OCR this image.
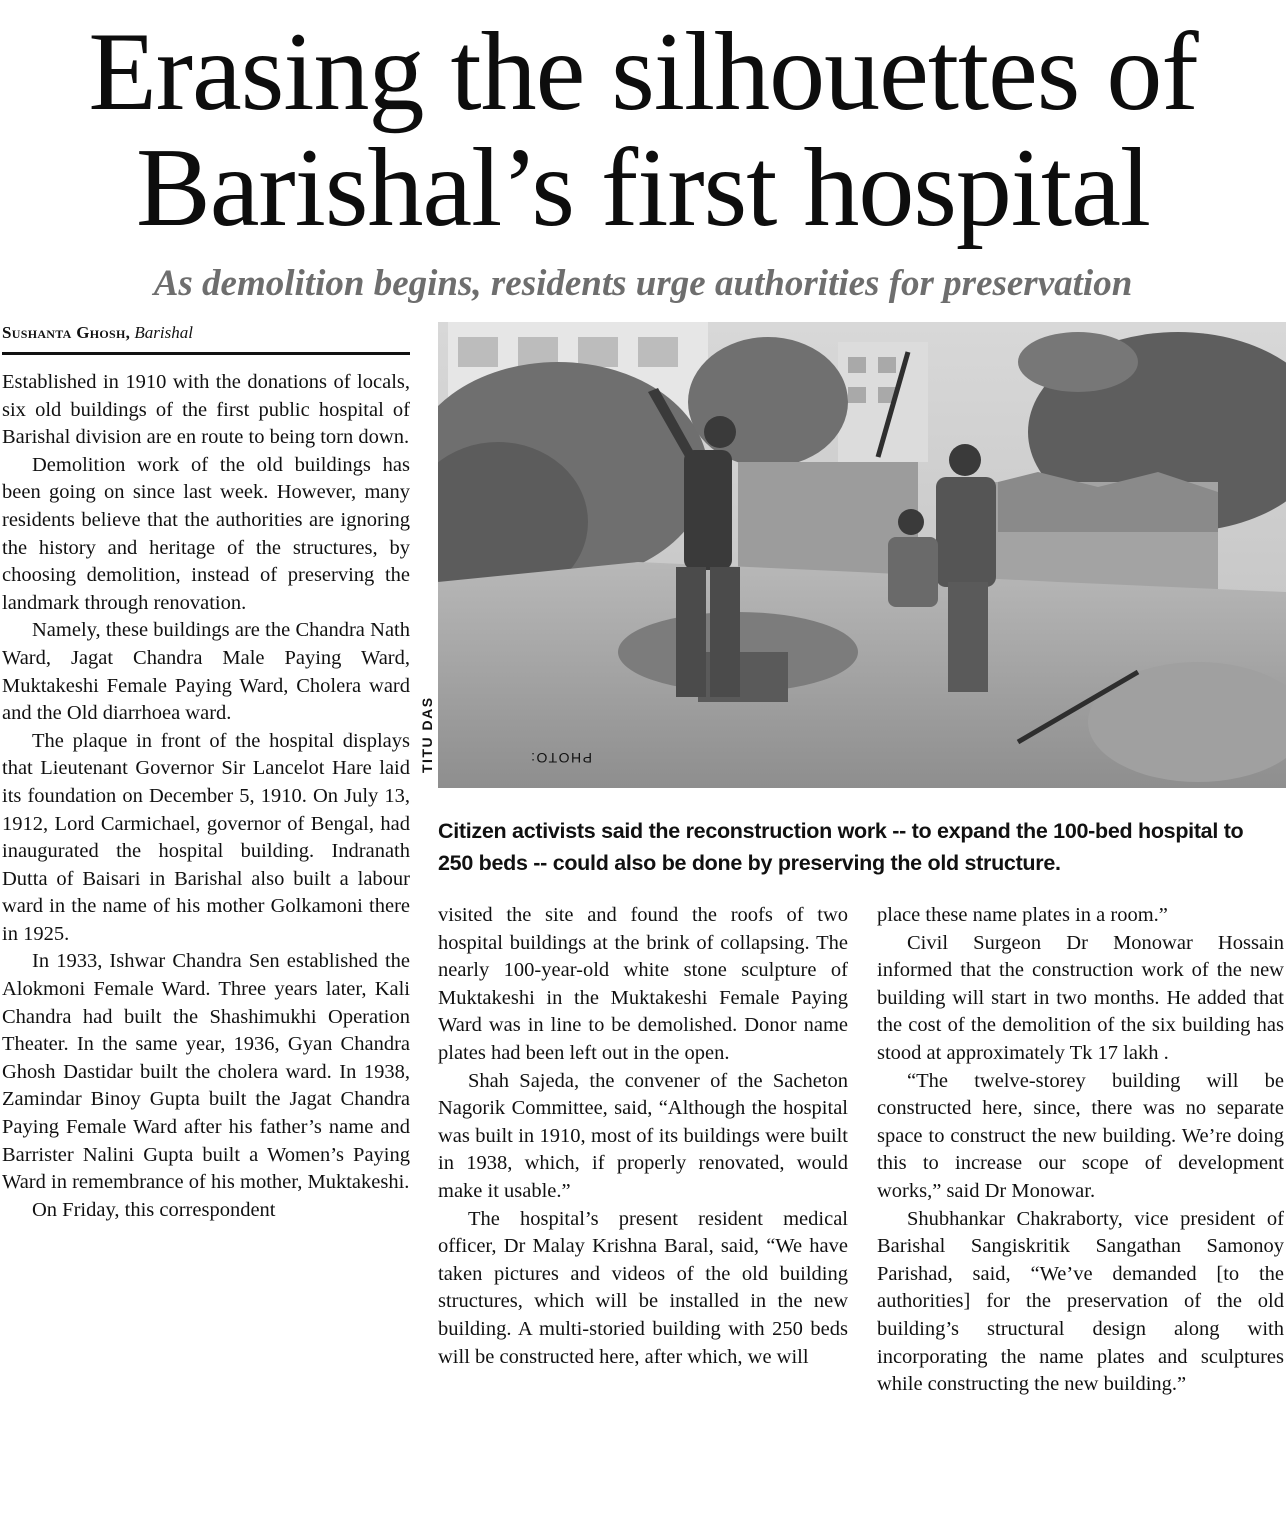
Erasing the silhouettes of
Barishal’s first hospital

As demolition begins, residents urge authorities for preservation

Sushanta Ghosh, Barishal
PHOTO:
TITU DAS
Citizen activists said the reconstruction work -- to expand the 100-bed hospital to 250 beds -- could also be done by preserving the old structure.

Established in 1910 with the donations of locals, six old buildings of the first public hospital of Barishal division are en route to being torn down.

Demolition work of the old buildings has been going on since last week. However, many residents believe that the authorities are ignoring the history and heritage of the structures, by choosing demolition, instead of preserving the landmark through renovation.

Namely, these buildings are the Chandra Nath Ward, Jagat Chandra Male Paying Ward, Muktakeshi Female Paying Ward, Cholera ward and the Old diarrhoea ward.

The plaque in front of the hospital displays that Lieutenant Governor Sir Lancelot Hare laid its foundation on December 5, 1910. On July 13, 1912, Lord Carmichael, governor of Bengal, had inaugurated the hospital building. Indranath Dutta of Baisari in Barishal also built a labour ward in the name of his mother Golkamoni there in 1925.

In 1933, Ishwar Chandra Sen established the Alokmoni Female Ward. Three years later, Kali Chandra had built the Shashimukhi Operation Theater. In the same year, 1936, Gyan Chandra Ghosh Dastidar built the cholera ward. In 1938, Zamindar Binoy Gupta built the Jagat Chandra Paying Female Ward after his father’s name and Barrister Nalini Gupta built a Women’s Paying Ward in remembrance of his mother, Muktakeshi.

On Friday, this correspondent

visited the site and found the roofs of two hospital buildings at the brink of collapsing. The nearly 100-year-old white stone sculpture of Muktakeshi in the Muktakeshi Female Paying Ward was in line to be demolished. Donor name plates had been left out in the open.

Shah Sajeda, the convener of the Sacheton Nagorik Committee, said, “Although the hospital was built in 1910, most of its buildings were built in 1938, which, if properly renovated, would make it usable.”

The hospital’s present resident medical officer, Dr Malay Krishna Baral, said, “We have taken pictures and videos of the old building structures, which will be installed in the new building. A multi-storied building with 250 beds will be constructed here, after which, we will

place these name plates in a room.”

Civil Surgeon Dr Monowar Hossain informed that the construction work of the new building will start in two months. He added that the cost of the demolition of the six building has stood at approximately Tk 17 lakh .

“The twelve-storey building will be constructed here, since, there was no separate space to construct the new building. We’re doing this to increase our scope of development works,” said Dr Monowar.

Shubhankar Chakraborty, vice president of Barishal Sangiskritik Sangathan Samonoy Parishad, said, “We’ve demanded [to the authorities] for the preservation of the old building’s structural design along with incorporating the name plates and sculptures while constructing the new building.”
